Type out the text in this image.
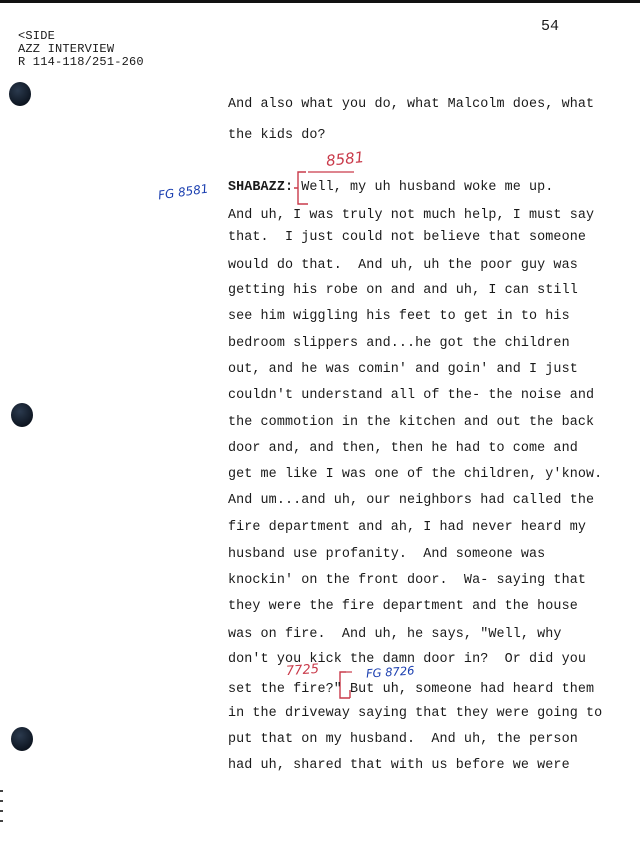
<SIDE
AZZ INTERVIEW
R 114-118/251-260
54
And also what you do, what Malcolm does, what
the kids do?
8581
FG 8581 SHABAZZ: Well, my uh husband woke me up.
And uh, I was truly not much help, I must say
that.  I just could not believe that someone
would do that.  And uh, uh the poor guy was
getting his robe on and and uh, I can still
see him wiggling his feet to get in to his
bedroom slippers and...he got the children
out, and he was comin' and goin' and I just
couldn't understand all of the- the noise and
the commotion in the kitchen and out the back
door and, and then, then he had to come and
get me like I was one of the children, y'know.
And um...and uh, our neighbors had called the
fire department and ah, I had never heard my
husband use profanity.  And someone was
knockin' on the front door.  Wa- saying that
they were the fire department and the house
was on fire.  And uh, he says, "Well, why
don't you kick the damn door in?  Or did you
7725	FG 8726
set the fire?" But uh, someone had heard them
in the driveway saying that they were going to
put that on my husband.  And uh, the person
had uh, shared that with us before we were
